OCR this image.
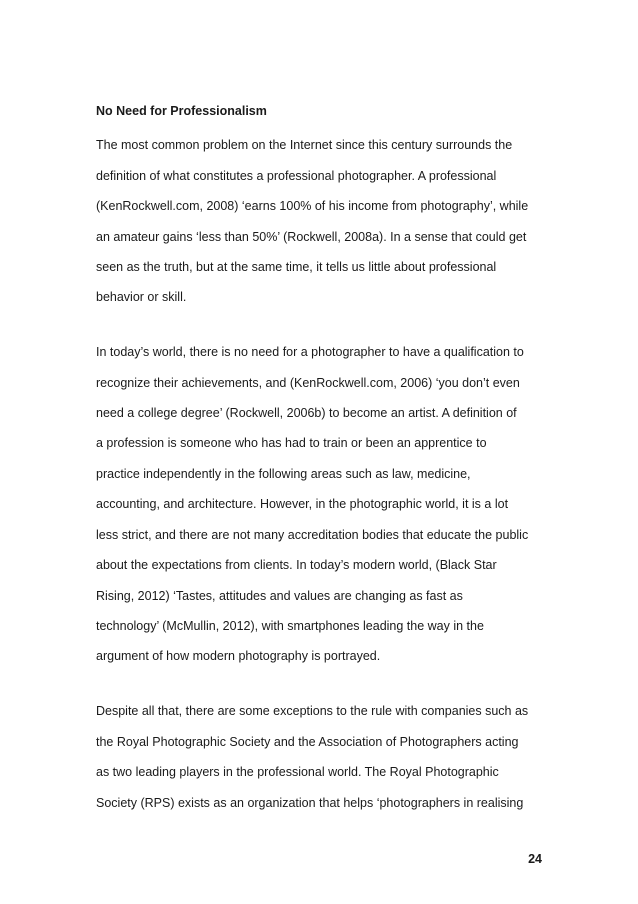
No Need for Professionalism
The most common problem on the Internet since this century surrounds the
definition of what constitutes a professional photographer. A professional
(KenRockwell.com, 2008) ‘earns 100% of his income from photography’, while
an amateur gains ‘less than 50%’ (Rockwell, 2008a). In a sense that could get
seen as the truth, but at the same time, it tells us little about professional
behavior or skill.
In today’s world, there is no need for a photographer to have a qualification to
recognize their achievements, and (KenRockwell.com, 2006) ‘you don’t even
need a college degree’ (Rockwell, 2006b) to become an artist. A definition of
a profession is someone who has had to train or been an apprentice to
practice independently in the following areas such as law, medicine,
accounting, and architecture. However, in the photographic world, it is a lot
less strict, and there are not many accreditation bodies that educate the public
about the expectations from clients. In today’s modern world, (Black Star
Rising, 2012) ‘Tastes, attitudes and values are changing as fast as
technology’ (McMullin, 2012), with smartphones leading the way in the
argument of how modern photography is portrayed.
Despite all that, there are some exceptions to the rule with companies such as
the Royal Photographic Society and the Association of Photographers acting
as two leading players in the professional world. The Royal Photographic
Society (RPS) exists as an organization that helps ‘photographers in realising
24
